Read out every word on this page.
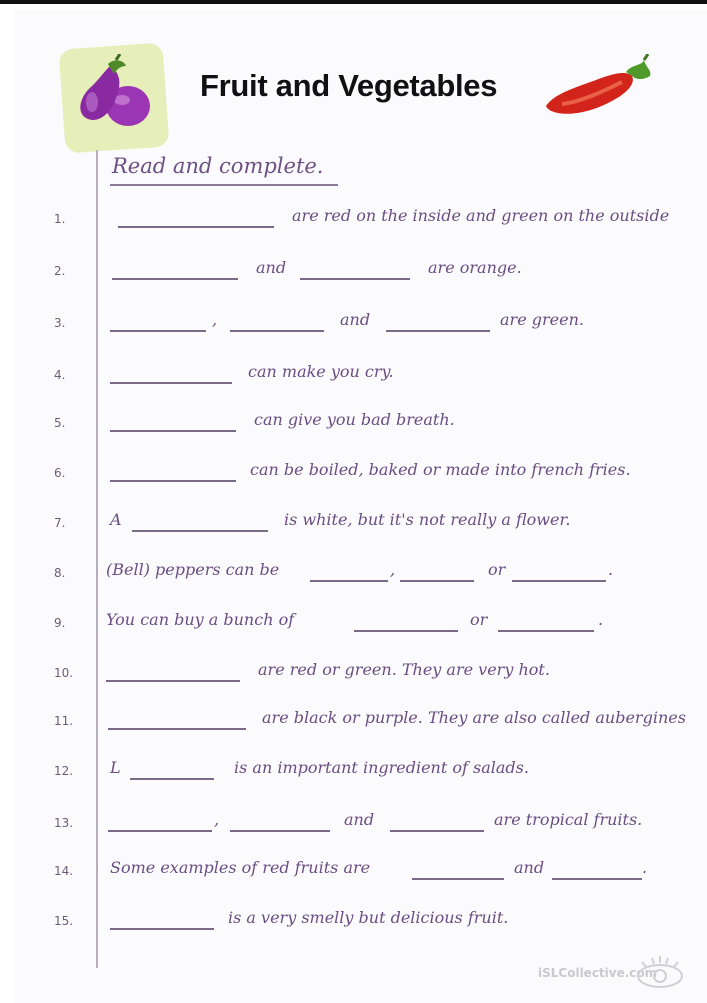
Fruit and Vegetables
Read and complete.
1.	are red on the inside and green on the outside
2.	and	are orange.
3.	,	and	are green.
4.	can make you cry.
5.	can give you bad breath.
6.	can be boiled, baked or made into french fries.
7.	A	is white, but it's not really a flower.
8.	(Bell) peppers can be	,	or	.
9.	You can buy a bunch of	or	.
10.	are red or green. They are very hot.
11.	are black or purple. They are also called aubergines
12.	L	is an important ingredient of salads.
13.	,	and	are tropical fruits.
14.	Some examples of red fruits are	and	.
15.	is a very smelly but delicious fruit.
iSLCollective.com
